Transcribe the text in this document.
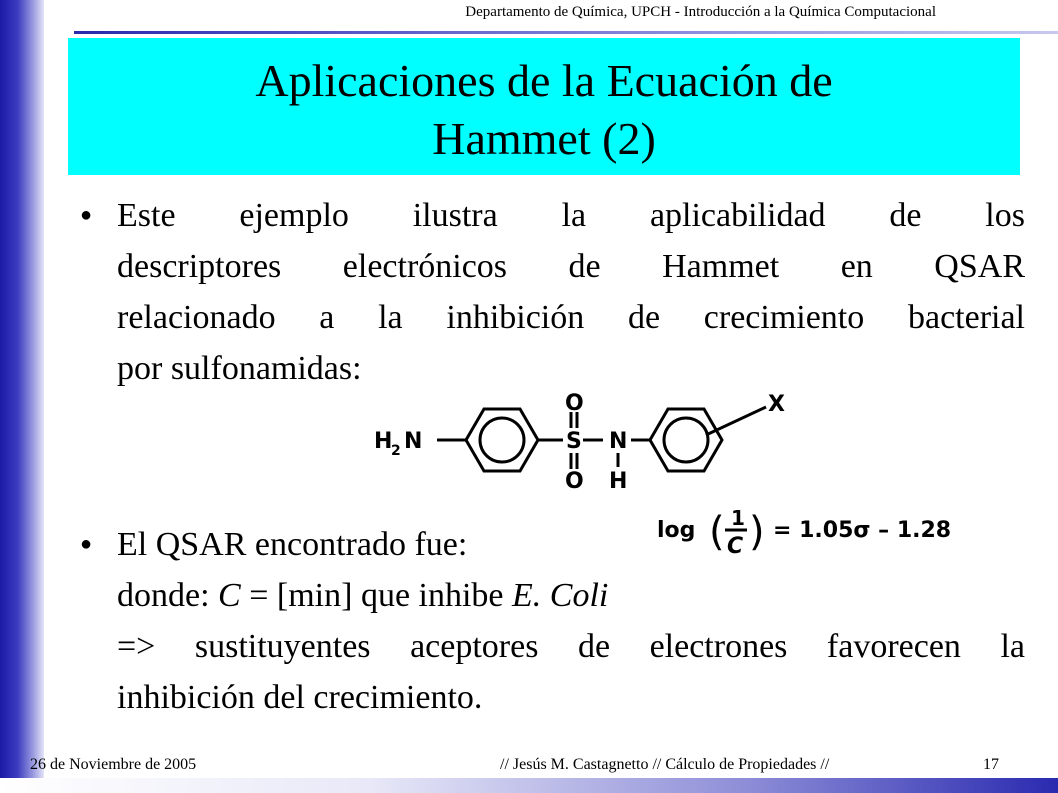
Departamento de Química, UPCH - Introducción a la Química Computacional
Aplicaciones de la Ecuación de
Hammet (2)
● Este ejemplo ilustra la aplicabilidad de los
descriptores electrónicos de Hammet en QSAR
relacionado a la inhibición de crecimiento bacterial
por sulfonamidas:
H
2 N	S
O
O
N
H
X
log ( 1
C ) = 1.05σ – 1.28
● El QSAR encontrado fue:
donde: C = [min] que inhibe E. Coli
=> sustituyentes aceptores de electrones favorecen la
inhibición del crecimiento.
26 de Noviembre de 2005	// Jesús M. Castagnetto // Cálculo de Propiedades //	17
